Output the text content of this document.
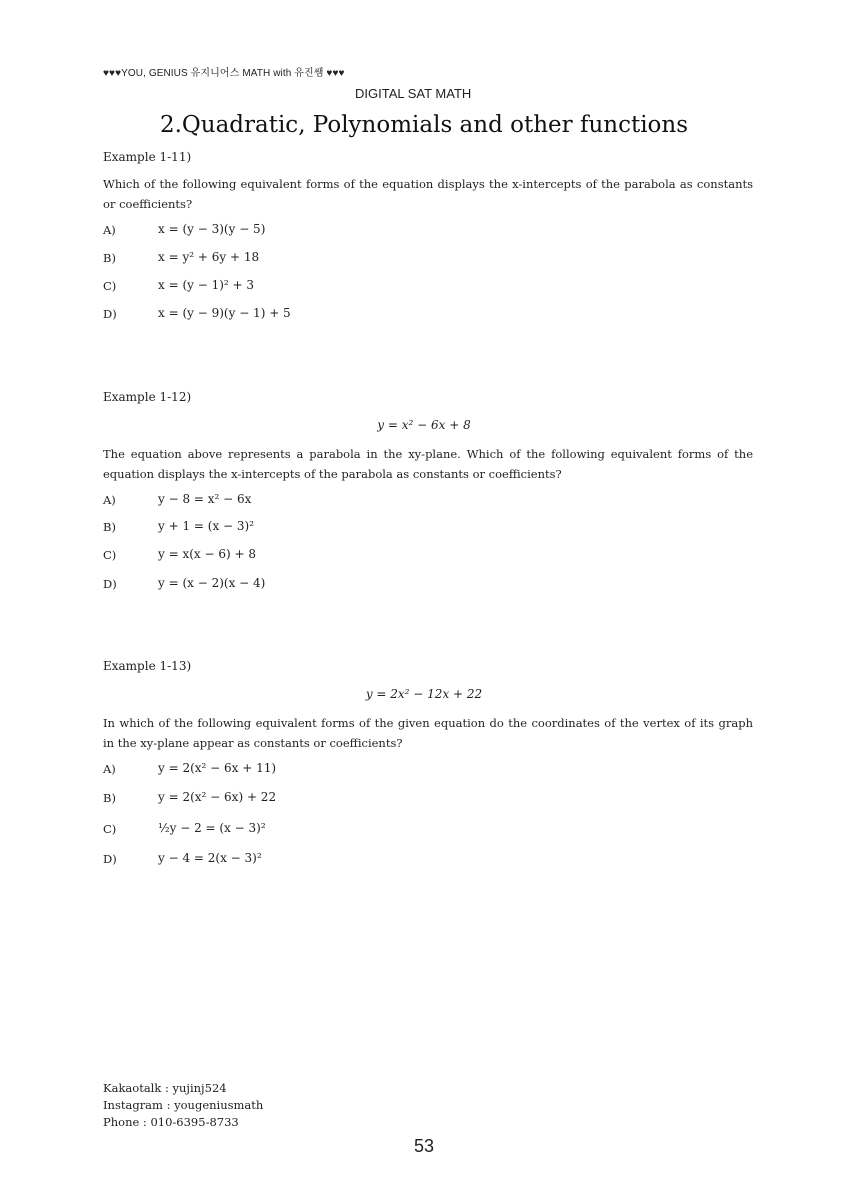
♥♥♥YOU, GENIUS 유지니어스 MATH with 유진쌤 ♥♥♥
DIGITAL SAT MATH
2.Quadratic, Polynomials and other functions
Example 1-11)
Which of the following equivalent forms of the equation displays the x-intercepts of the parabola as constants or coefficients?
A)	x = (y − 3)(y − 5)
B)	x = y² + 6y + 18
C)	x = (y − 1)² + 3
D)	x = (y − 9)(y − 1) + 5
Example 1-12)
y = x² − 6x + 8
The equation above represents a parabola in the xy-plane. Which of the following equivalent forms of the equation displays the x-intercepts of the parabola as constants or coefficients?
A)	y − 8 = x² − 6x
B)	y + 1 = (x − 3)²
C)	y = x(x − 6) + 8
D)	y = (x − 2)(x − 4)
Example 1-13)
y = 2x² − 12x + 22
In which of the following equivalent forms of the given equation do the coordinates of the vertex of its graph in the xy-plane appear as constants or coefficients?
A)	y = 2(x² − 6x + 11)
B)	y = 2(x² − 6x) + 22
C)	½y − 2 = (x − 3)²
D)	y − 4 = 2(x − 3)²
Kakaotalk : yujinj524
Instagram : yougeniusmath
Phone : 010-6395-8733
53
